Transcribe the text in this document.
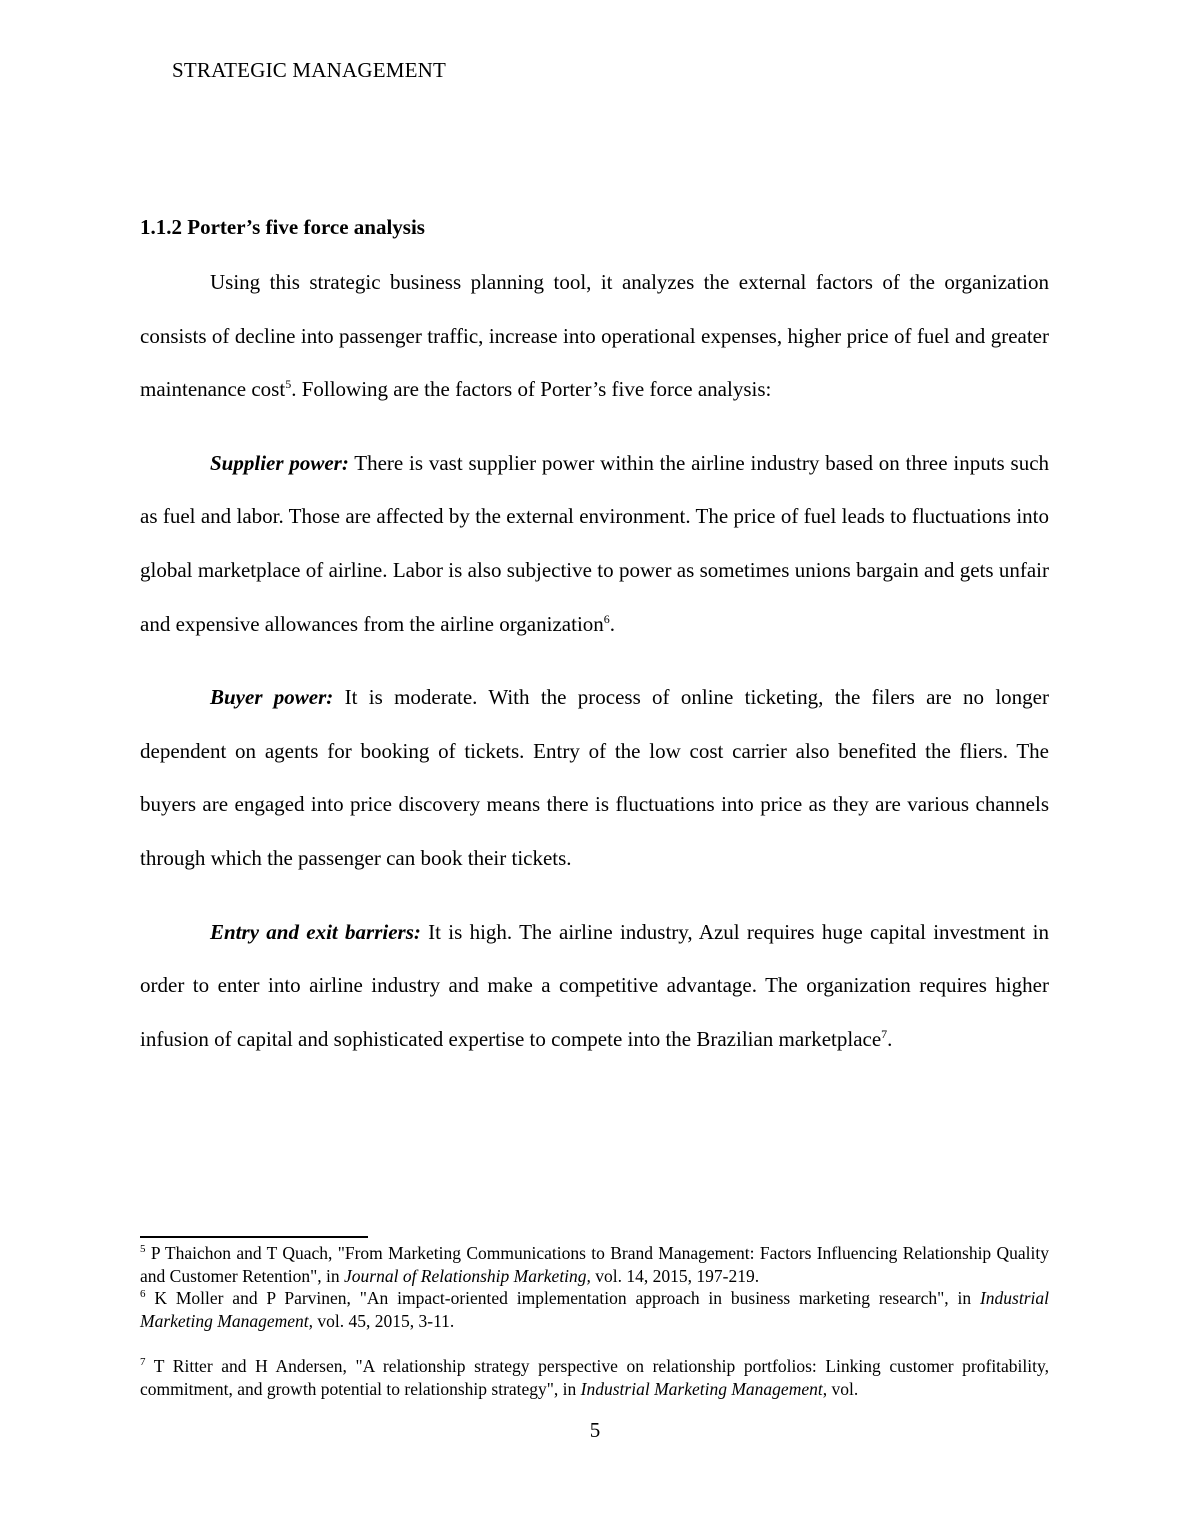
STRATEGIC MANAGEMENT
1.1.2 Porter’s five force analysis

Using this strategic business planning tool, it analyzes the external factors of the organization consists of decline into passenger traffic, increase into operational expenses, higher price of fuel and greater maintenance cost$^5$. Following are the factors of Porter’s five force analysis:

Supplier power: There is vast supplier power within the airline industry based on three inputs such as fuel and labor. Those are affected by the external environment. The price of fuel leads to fluctuations into global marketplace of airline. Labor is also subjective to power as sometimes unions bargain and gets unfair and expensive allowances from the airline organization$^6$.

Buyer power: It is moderate. With the process of online ticketing, the filers are no longer dependent on agents for booking of tickets. Entry of the low cost carrier also benefited the fliers. The buyers are engaged into price discovery means there is fluctuations into price as they are various channels through which the passenger can book their tickets.

Entry and exit barriers: It is high. The airline industry, Azul requires huge capital investment in order to enter into airline industry and make a competitive advantage. The organization requires higher infusion of capital and sophisticated expertise to compete into the Brazilian marketplace$^7$.

$^5$ P Thaichon and T Quach, "From Marketing Communications to Brand Management: Factors Influencing Relationship Quality and Customer Retention", in Journal of Relationship Marketing, vol. 14, 2015, 197-219.

$^6$ K Moller and P Parvinen, "An impact-oriented implementation approach in business marketing research", in Industrial Marketing Management, vol. 45, 2015, 3-11.

$^7$ T Ritter and H Andersen, "A relationship strategy perspective on relationship portfolios: Linking customer profitability, commitment, and growth potential to relationship strategy", in Industrial Marketing Management, vol.

5
